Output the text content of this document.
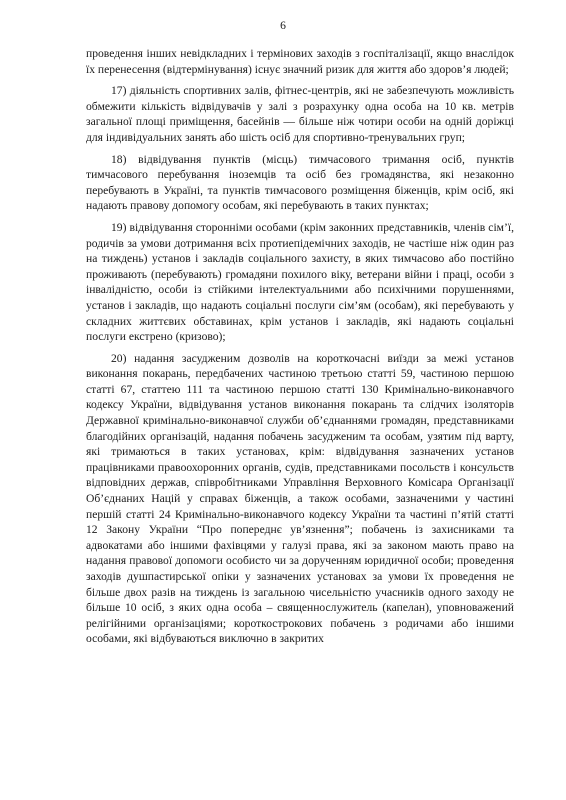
6

проведення інших невідкладних і термінових заходів з госпіталізації, якщо внаслідок їх перенесення (відтермінування) існує значний ризик для життя або здоров’я людей;

17) діяльність спортивних залів, фітнес-центрів, які не забезпечують можливість обмежити кількість відвідувачів у залі з розрахунку одна особа на 10 кв. метрів загальної площі приміщення, басейнів — більше ніж чотири особи на одній доріжці для індивідуальних занять або шість осіб для спортивно-тренувальних груп;

18) відвідування пунктів (місць) тимчасового тримання осіб, пунктів тимчасового перебування іноземців та осіб без громадянства, які незаконно перебувають в Україні, та пунктів тимчасового розміщення біженців, крім осіб, які надають правову допомогу особам, які перебувають в таких пунктах;

19) відвідування сторонніми особами (крім законних представників, членів сім’ї, родичів за умови дотримання всіх протиепідемічних заходів, не частіше ніж один раз на тиждень) установ і закладів соціального захисту, в яких тимчасово або постійно проживають (перебувають) громадяни похилого віку, ветерани війни і праці, особи з інвалідністю, особи із стійкими інтелектуальними або психічними порушеннями, установ і закладів, що надають соціальні послуги сім’ям (особам), які перебувають у складних життєвих обставинах, крім установ і закладів, які надають соціальні послуги екстрено (кризово);

20) надання засудженим дозволів на короткочасні виїзди за межі установ виконання покарань, передбачених частиною третьою статті 59, частиною першою статті 67, статтею 111 та частиною першою статті 130 Кримінально-виконавчого кодексу України, відвідування установ виконання покарань та слідчих ізоляторів Державної кримінально-виконавчої служби об’єднаннями громадян, представниками благодійних організацій, надання побачень засудженим та особам, узятим під варту, які тримаються в таких установах, крім: відвідування зазначених установ працівниками правоохоронних органів, судів, представниками посольств і консульств відповідних держав, співробітниками Управління Верховного Комісара Організації Об’єднаних Націй у справах біженців, а також особами, зазначеними у частині першій статті 24 Кримінально-виконавчого кодексу України та частині п’ятій статті 12 Закону України “Про попереднє ув’язнення”; побачень із захисниками та адвокатами або іншими фахівцями у галузі права, які за законом мають право на надання правової допомоги особисто чи за дорученням юридичної особи; проведення заходів душпастирської опіки у зазначених установах за умови їх проведення не більше двох разів на тиждень із загальною чисельністю учасників одного заходу не більше 10 осіб, з яких одна особа – священнослужитель (капелан), уповноважений релігійними організаціями; короткострокових побачень з родичами або іншими особами, які відбуваються виключно в закритих
